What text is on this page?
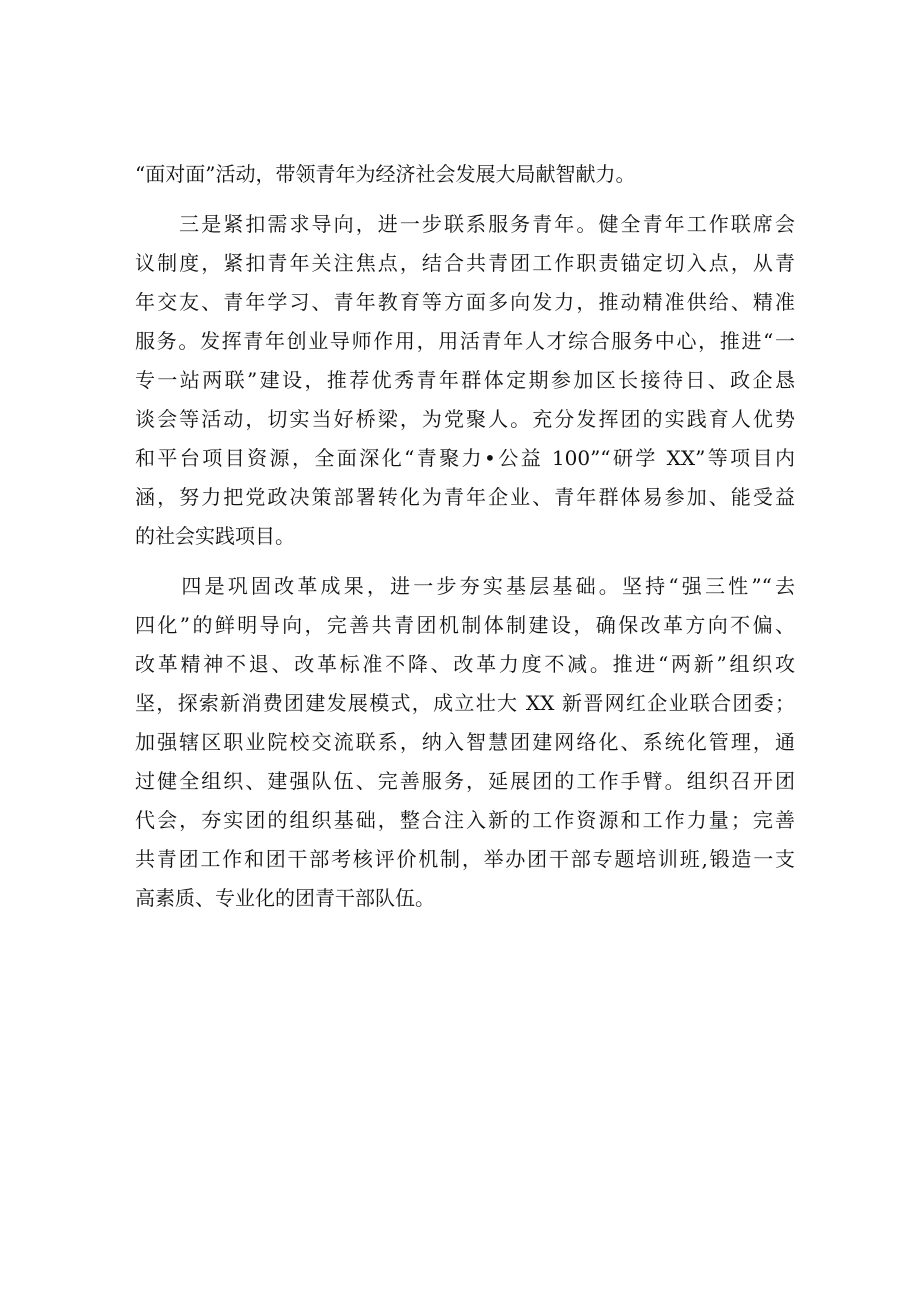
“面对面”活动，带领青年为经济社会发展大局献智献力。
　　三是紧扣需求导向，进一步联系服务青年。健全青年工作联席会
议制度，紧扣青年关注焦点，结合共青团工作职责锚定切入点，从青
年交友、青年学习、青年教育等方面多向发力，推动精准供给、精准
服务。发挥青年创业导师作用，用活青年人才综合服务中心，推进“一
专一站两联”建设，推荐优秀青年群体定期参加区长接待日、政企恳
谈会等活动，切实当好桥梁，为党聚人。充分发挥团的实践育人优势
和平台项目资源，全面深化“青聚力•公益 100”“研学 XX”等项目内
涵，努力把党政决策部署转化为青年企业、青年群体易参加、能受益
的社会实践项目。
　　四是巩固改革成果，进一步夯实基层基础。坚持“强三性”“去
四化”的鲜明导向，完善共青团机制体制建设，确保改革方向不偏、
改革精神不退、改革标准不降、改革力度不减。推进“两新”组织攻
坚，探索新消费团建发展模式，成立壮大 XX 新晋网红企业联合团委；
加强辖区职业院校交流联系，纳入智慧团建网络化、系统化管理，通
过健全组织、建强队伍、完善服务，延展团的工作手臂。组织召开团
代会，夯实团的组织基础，整合注入新的工作资源和工作力量；完善
共青团工作和团干部考核评价机制，举办团干部专题培训班,锻造一支
高素质、专业化的团青干部队伍。
